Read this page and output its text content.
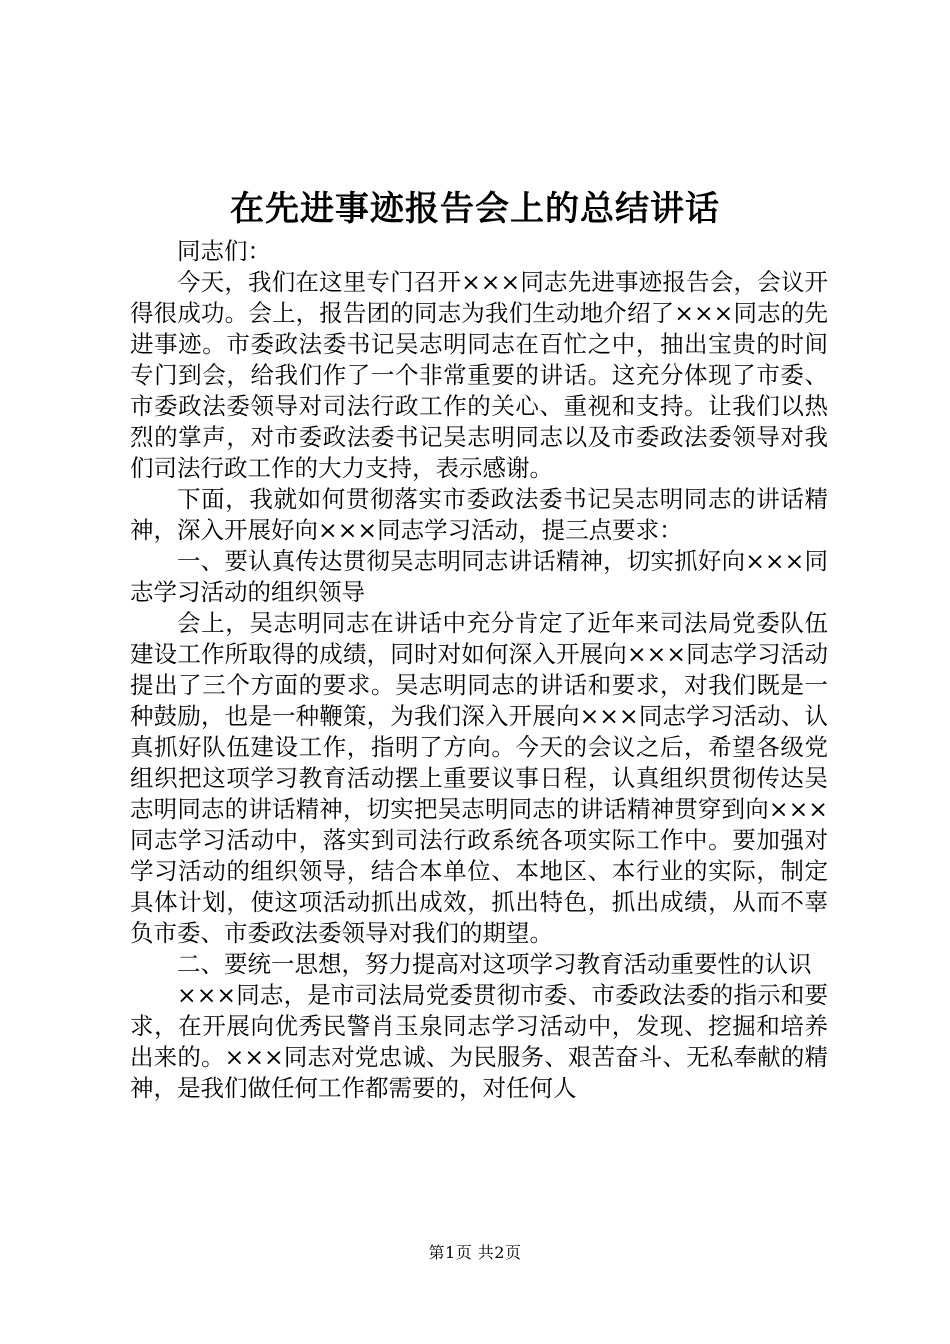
在先进事迹报告会上的总结讲话

同志们：

今天，我们在这里专门召开×××同志先进事迹报告会，会议开得很成功。会上，报告团的同志为我们生动地介绍了×××同志的先进事迹。市委政法委书记吴志明同志在百忙之中，抽出宝贵的时间专门到会，给我们作了一个非常重要的讲话。这充分体现了市委、市委政法委领导对司法行政工作的关心、重视和支持。让我们以热烈的掌声，对市委政法委书记吴志明同志以及市委政法委领导对我们司法行政工作的大力支持，表示感谢。

下面，我就如何贯彻落实市委政法委书记吴志明同志的讲话精神，深入开展好向×××同志学习活动，提三点要求：

一、要认真传达贯彻吴志明同志讲话精神，切实抓好向×××同志学习活动的组织领导

会上，吴志明同志在讲话中充分肯定了近年来司法局党委队伍建设工作所取得的成绩，同时对如何深入开展向×××同志学习活动提出了三个方面的要求。吴志明同志的讲话和要求，对我们既是一种鼓励，也是一种鞭策，为我们深入开展向×××同志学习活动、认真抓好队伍建设工作，指明了方向。今天的会议之后，希望各级党组织把这项学习教育活动摆上重要议事日程，认真组织贯彻传达吴志明同志的讲话精神，切实把吴志明同志的讲话精神贯穿到向×××同志学习活动中，落实到司法行政系统各项实际工作中。要加强对学习活动的组织领导，结合本单位、本地区、本行业的实际，制定具体计划，使这项活动抓出成效，抓出特色，抓出成绩，从而不辜负市委、市委政法委领导对我们的期望。

二、要统一思想，努力提高对这项学习教育活动重要性的认识

×××同志，是市司法局党委贯彻市委、市委政法委的指示和要求，在开展向优秀民警肖玉泉同志学习活动中，发现、挖掘和培养出来的。×××同志对党忠诚、为民服务、艰苦奋斗、无私奉献的精神，是我们做任何工作都需要的，对任何人

第1页 共2页
